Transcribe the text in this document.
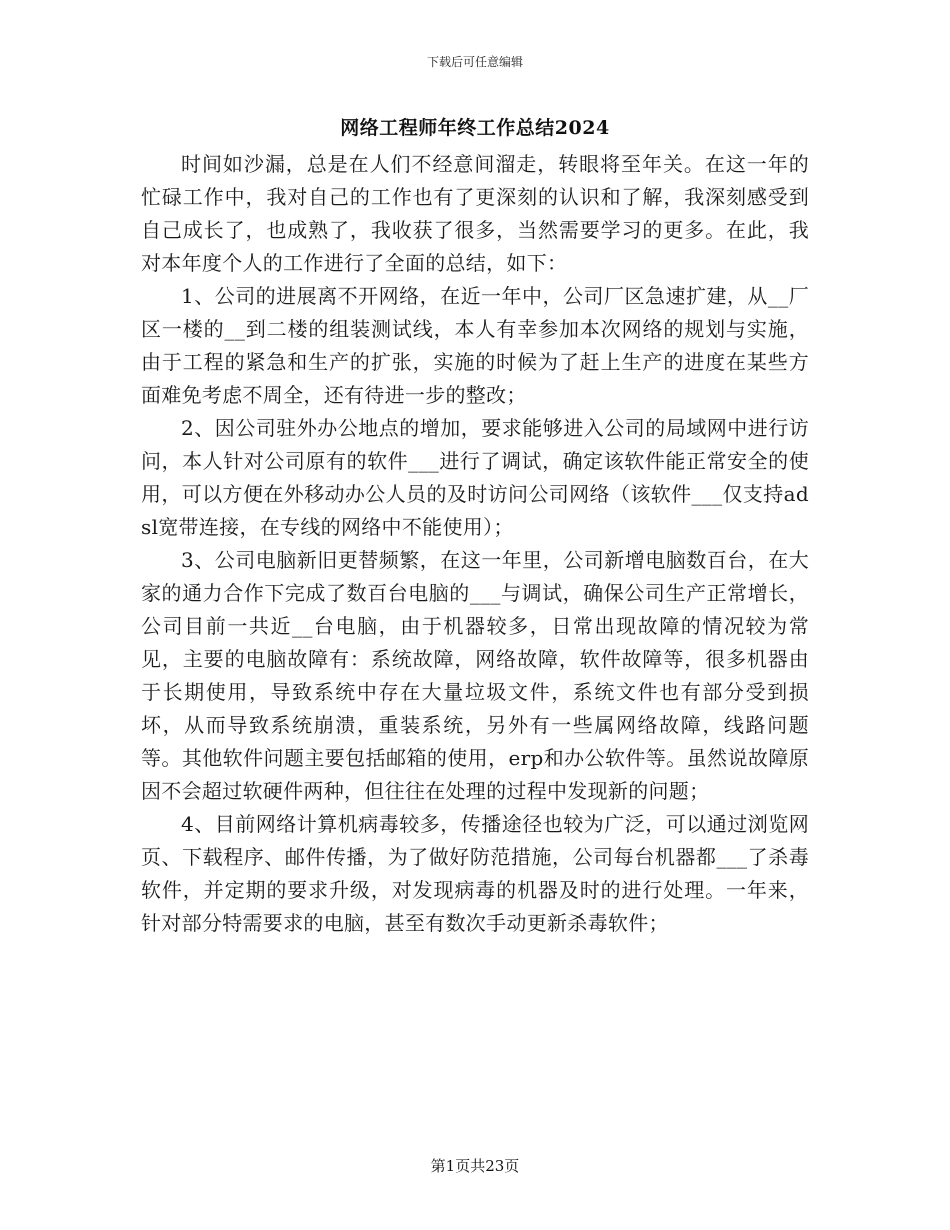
下载后可任意编辑
网络工程师年终工作总结2024

时间如沙漏，总是在人们不经意间溜走，转眼将至年关。在这一年的忙碌工作中，我对自己的工作也有了更深刻的认识和了解，我深刻感受到自己成长了，也成熟了，我收获了很多，当然需要学习的更多。在此，我对本年度个人的工作进行了全面的总结，如下：

1、公司的进展离不开网络，在近一年中，公司厂区急速扩建，从__厂区一楼的__到二楼的组装测试线，本人有幸参加本次网络的规划与实施，由于工程的紧急和生产的扩张，实施的时候为了赶上生产的进度在某些方面难免考虑不周全，还有待进一步的整改；

2、因公司驻外办公地点的增加，要求能够进入公司的局域网中进行访问，本人针对公司原有的软件___进行了调试，确定该软件能正常安全的使用，可以方便在外移动办公人员的及时访问公司网络（该软件___仅支持adsl宽带连接，在专线的网络中不能使用）；

3、公司电脑新旧更替频繁，在这一年里，公司新增电脑数百台，在大家的通力合作下完成了数百台电脑的___与调试，确保公司生产正常增长，公司目前一共近__台电脑，由于机器较多，日常出现故障的情况较为常见，主要的电脑故障有：系统故障，网络故障，软件故障等，很多机器由于长期使用，导致系统中存在大量垃圾文件，系统文件也有部分受到损坏，从而导致系统崩溃，重装系统，另外有一些属网络故障，线路问题等。其他软件问题主要包括邮箱的使用，erp和办公软件等。虽然说故障原因不会超过软硬件两种，但往往在处理的过程中发现新的问题；

4、目前网络计算机病毒较多，传播途径也较为广泛，可以通过浏览网页、下载程序、邮件传播，为了做好防范措施，公司每台机器都___了杀毒软件，并定期的要求升级，对发现病毒的机器及时的进行处理。一年来，针对部分特需要求的电脑，甚至有数次手动更新杀毒软件；

第1页共23页
